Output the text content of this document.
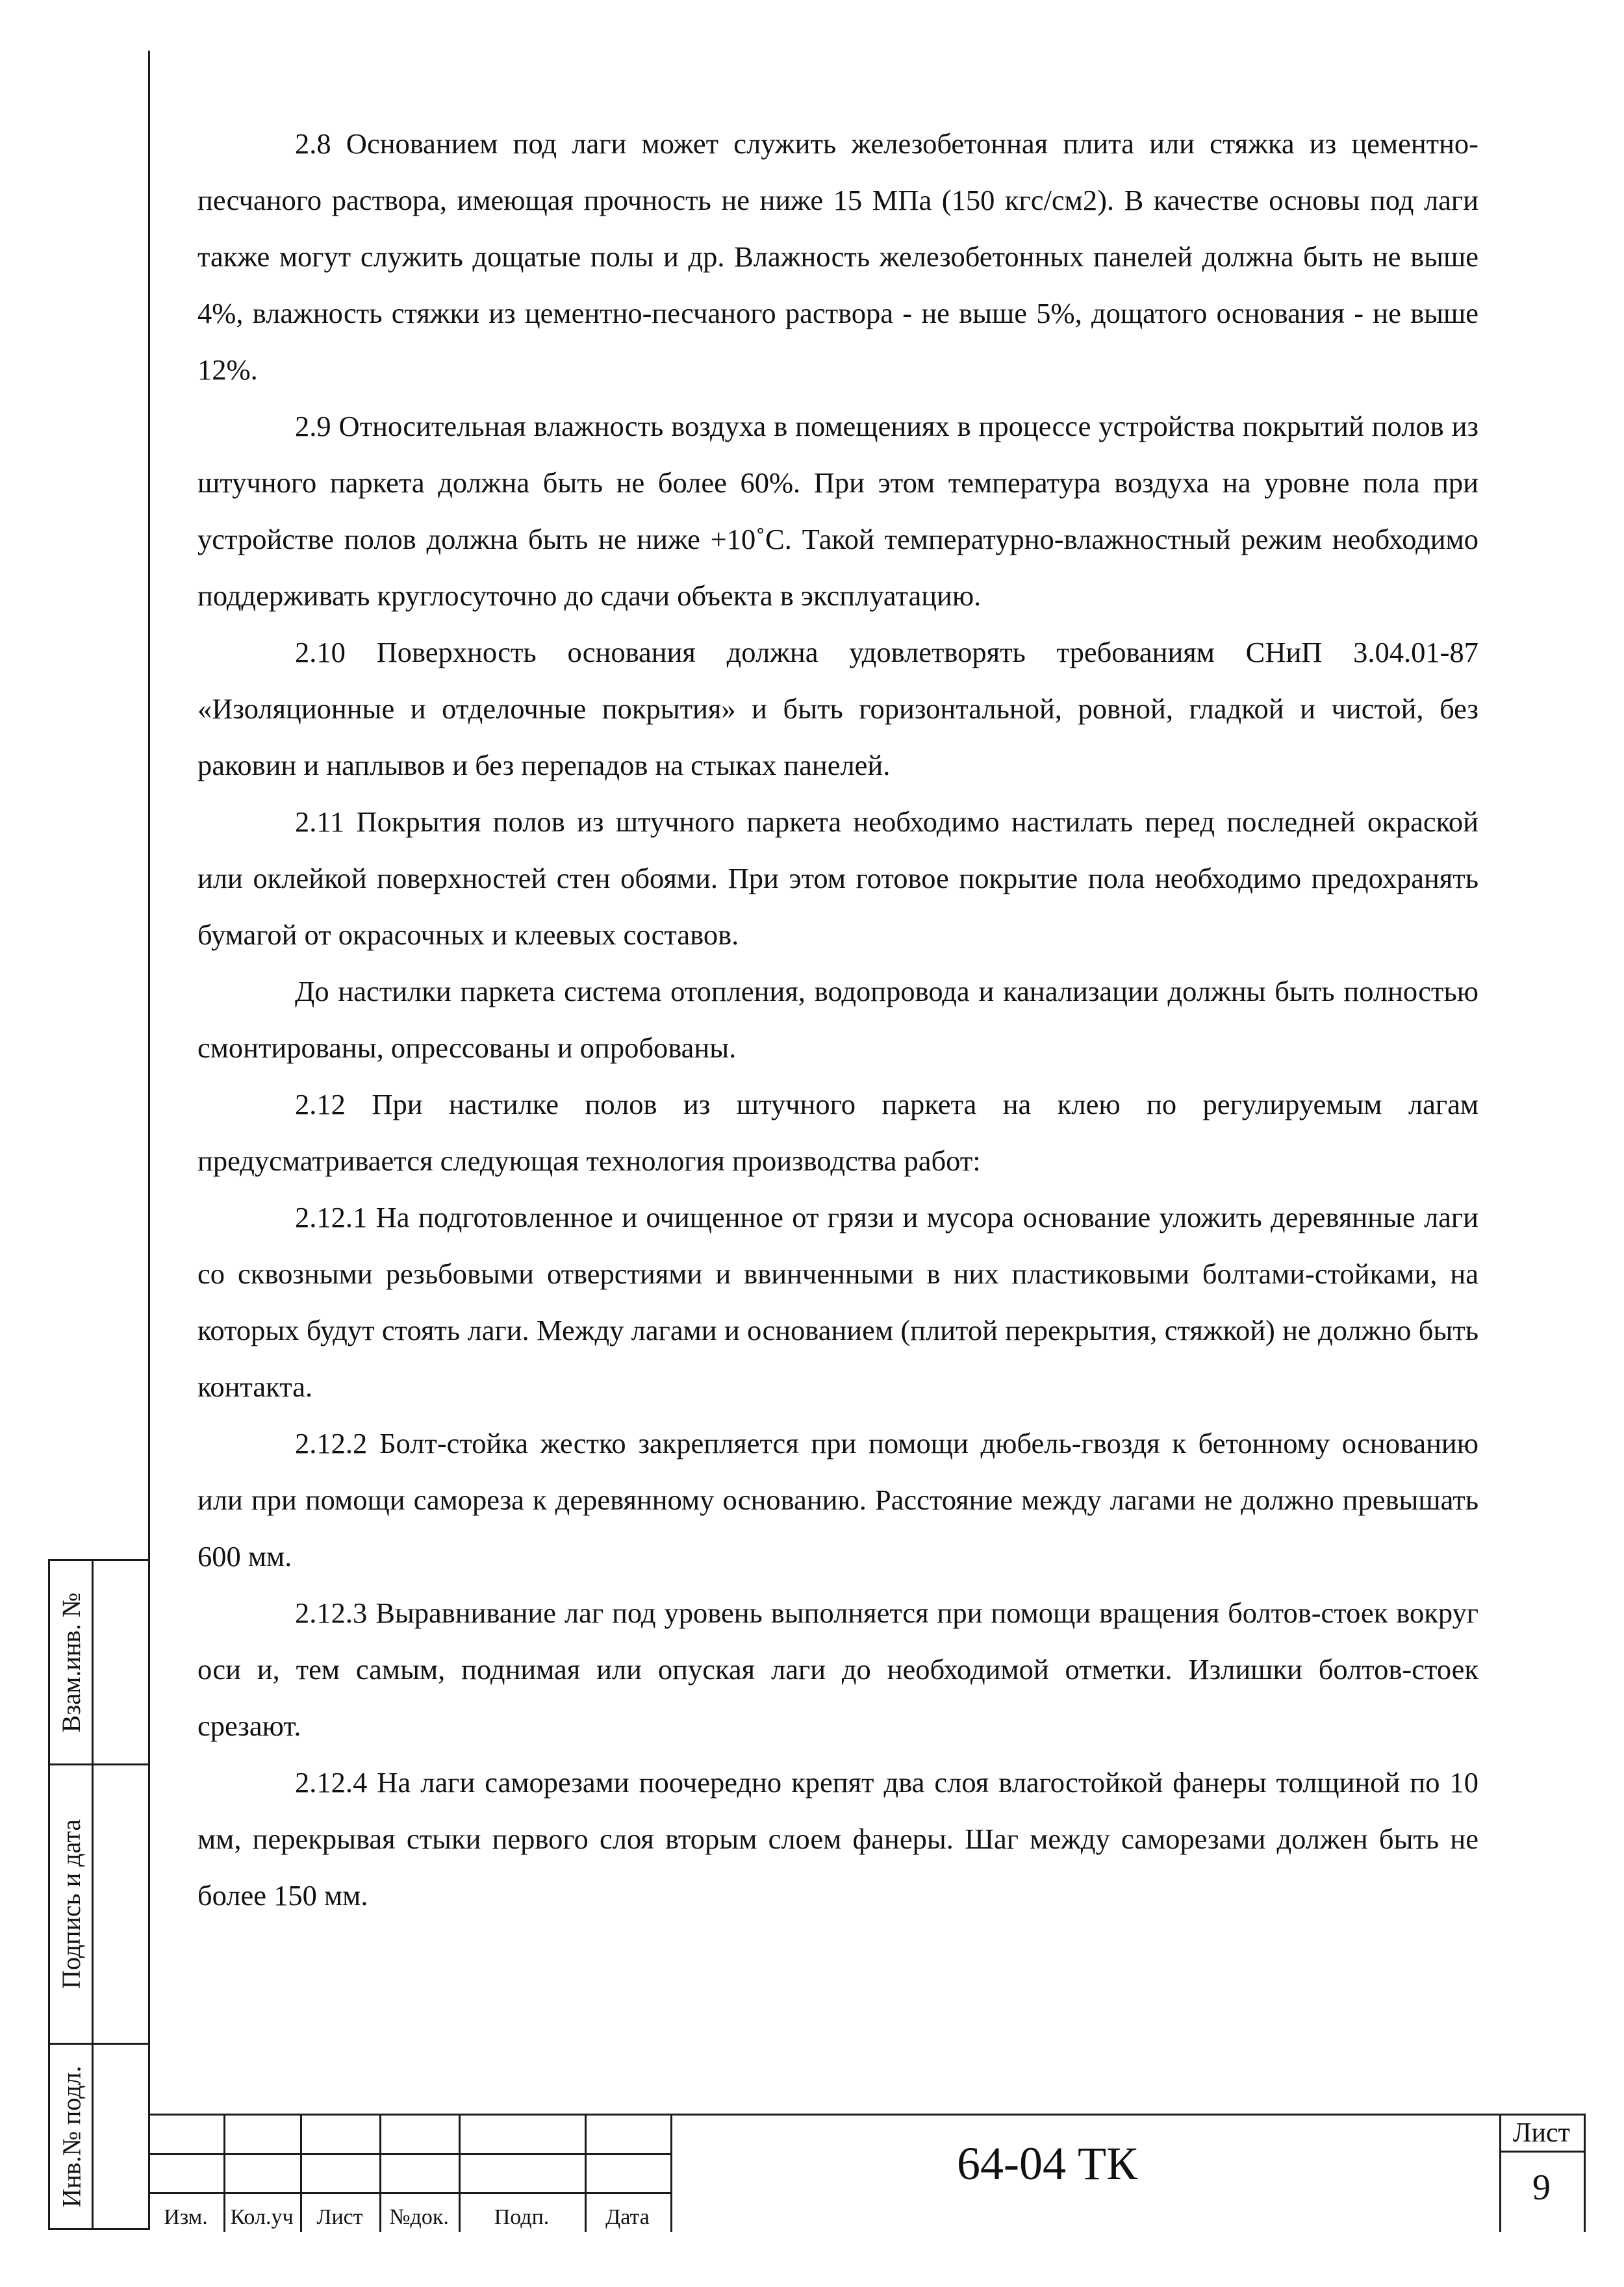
2.8 Основанием под лаги может служить железобетонная плита или стяжка из цементно-песчаного раствора, имеющая прочность не ниже 15 МПа (150 кгс/см2). В качестве основы под лаги также могут служить дощатые полы и др. Влажность железобетонных панелей должна быть не выше 4%, влажность стяжки из цементно-песчаного раствора - не выше 5%, дощатого основания - не выше 12%.

2.9 Относительная влажность воздуха в помещениях в процессе устройства покрытий полов из штучного паркета должна быть не более 60%. При этом температура воздуха на уровне пола при устройстве полов должна быть не ниже +10˚С. Такой температурно-влажностный режим необходимо поддерживать круглосуточно до сдачи объекта в эксплуатацию.

2.10 Поверхность основания должна удовлетворять требованиям СНиП 3.04.01-87 «Изоляционные и отделочные покрытия» и быть горизонтальной, ровной, гладкой и чистой, без раковин и наплывов и без перепадов на стыках панелей.

2.11 Покрытия полов из штучного паркета необходимо настилать перед последней окраской или оклейкой поверхностей стен обоями. При этом готовое покрытие пола необходимо предохранять бумагой от окрасочных и клеевых составов.

До настилки паркета система отопления, водопровода и канализации должны быть полностью смонтированы, опрессованы и опробованы.

2.12 При настилке полов из штучного паркета на клею по регулируемым лагам предусматривается следующая технология производства работ:

2.12.1 На подготовленное и очищенное от грязи и мусора основание уложить деревянные лаги со сквозными резьбовыми отверстиями и ввинченными в них пластиковыми болтами-стойками, на которых будут стоять лаги. Между лагами и основанием (плитой перекрытия, стяжкой) не должно быть контакта.

2.12.2 Болт-стойка жестко закрепляется при помощи дюбель-гвоздя к бетонному основанию или при помощи самореза к деревянному основанию. Расстояние между лагами не должно превышать 600 мм.

2.12.3 Выравнивание лаг под уровень выполняется при помощи вращения болтов-стоек вокруг оси и, тем самым, поднимая или опуская лаги до необходимой отметки. Излишки болтов-стоек срезают.

2.12.4 На лаги саморезами поочередно крепят два слоя влагостойкой фанеры толщиной по 10 мм, перекрывая стыки первого слоя вторым слоем фанеры. Шаг между саморезами должен быть не более 150 мм.

Взам.инв. №
Подпись и дата
Инв.№ подл.
Изм.	Кол.уч	Лист	№док.	Подп.	Дата
64-04 ТК
Лист
9
